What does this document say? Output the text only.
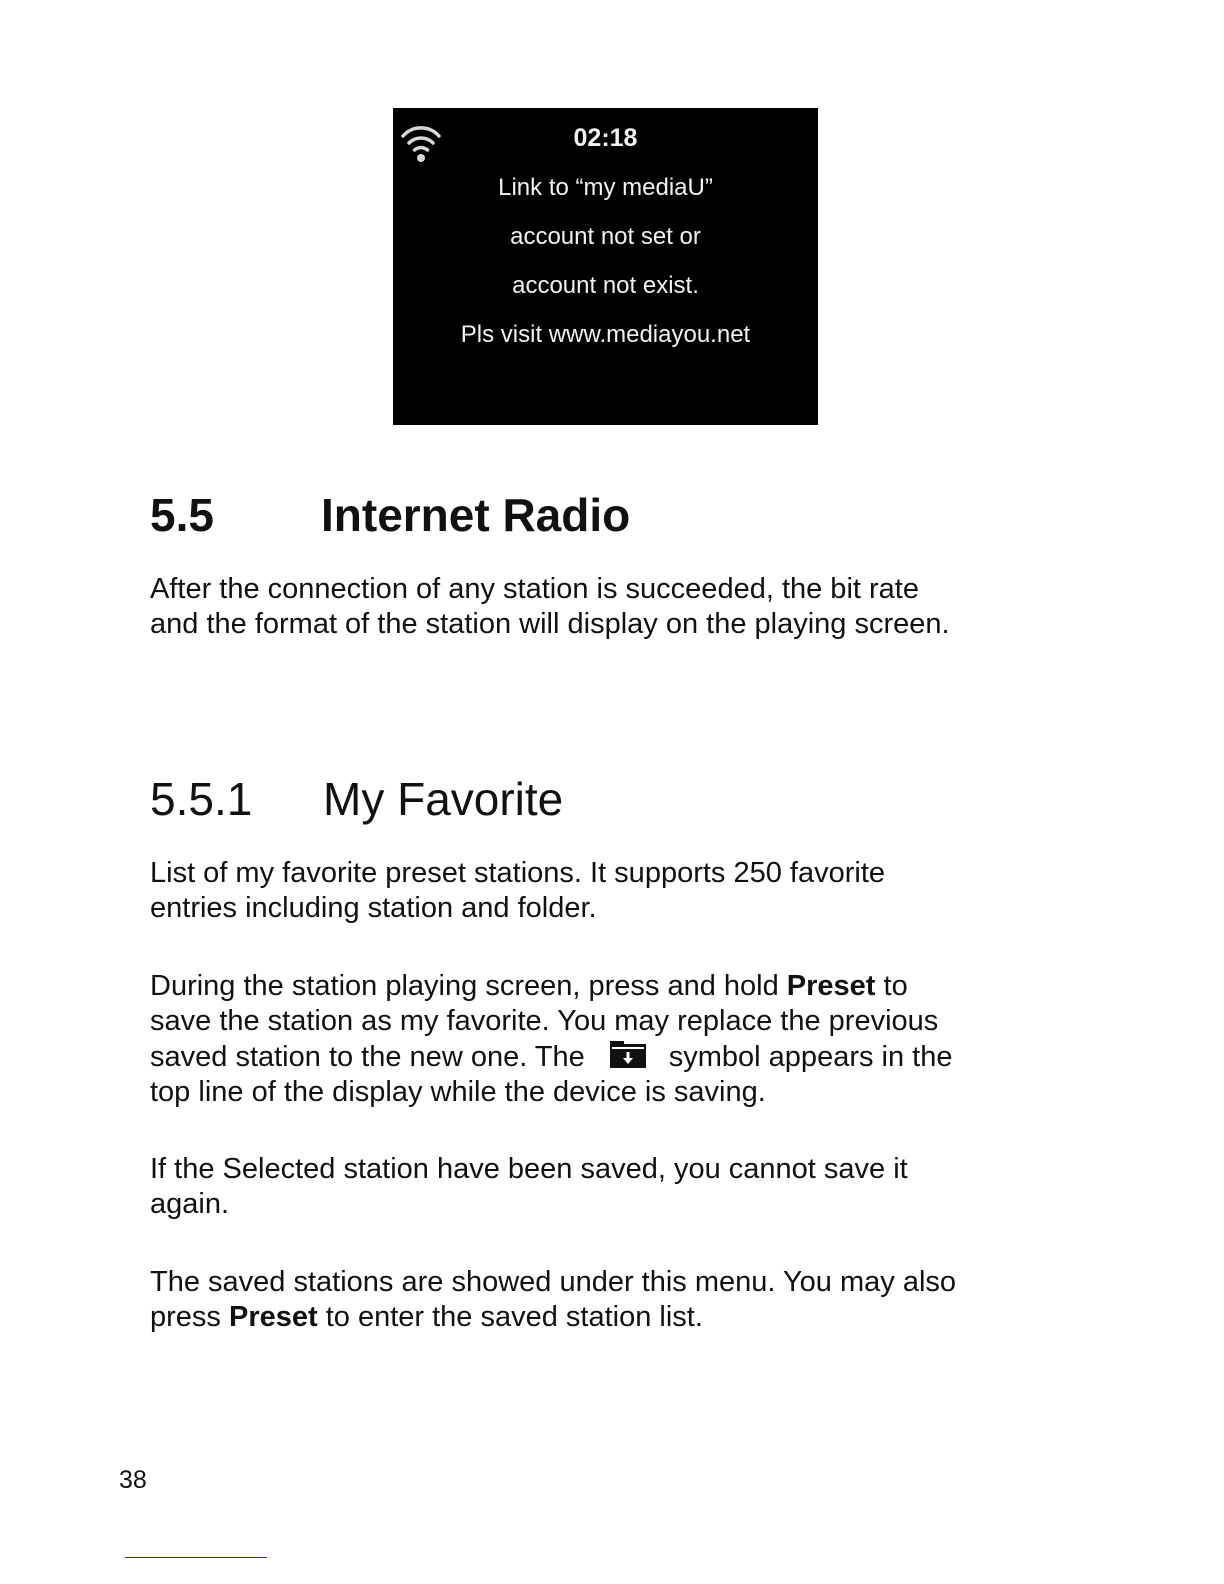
02:18
Link to “my mediaU”
account not set or
account not exist.
Pls visit www.mediayou.net
5.5 Internet Radio

After the connection of any station is succeeded, the bit rate

and the format of the station will display on the playing screen.

5.5.1 My Favorite

List of my favorite preset stations. It supports 250 favorite

entries including station and folder.

During the station playing screen, press and hold Preset to

save the station as my favorite. You may replace the previous

saved station to the new one. The	symbol appears in the

top line of the display while the device is saving.

If the Selected station have been saved, you cannot save it

again.

The saved stations are showed under this menu. You may also

press Preset to enter the saved station list.

38
